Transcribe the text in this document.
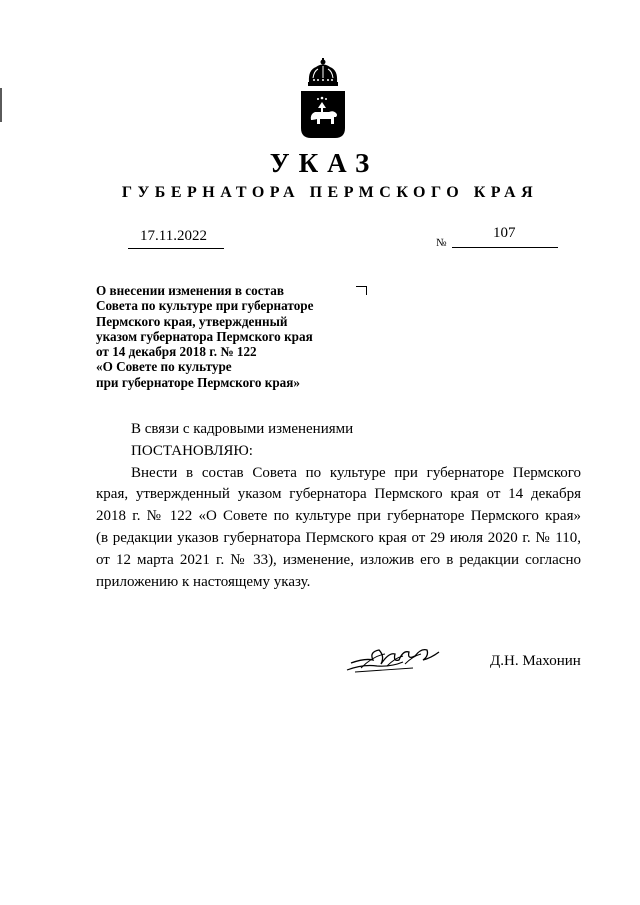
УКАЗ
ГУБЕРНАТОРА ПЕРМСКОГО КРАЯ
17.11.2022	№
107
О внесении изменения в состав
Совета по культуре при губернаторе
Пермского края, утвержденный
указом губернатора Пермского края
от 14 декабря 2018 г. № 122
«О Совете по культуре
при губернаторе Пермского края»
В связи с кадровыми изменениями
ПОСТАНОВЛЯЮ:
Внести в состав Совета по культуре при губернаторе Пермского
края, утвержденный указом губернатора Пермского края от 14 декабря
2018 г. № 122 «О Совете по культуре при губернаторе Пермского края»
(в редакции указов губернатора Пермского края от 29 июля 2020 г. № 110,
от 12 марта 2021 г. № 33), изменение, изложив его в редакции согласно
приложению к настоящему указу.
Д.Н. Махонин
